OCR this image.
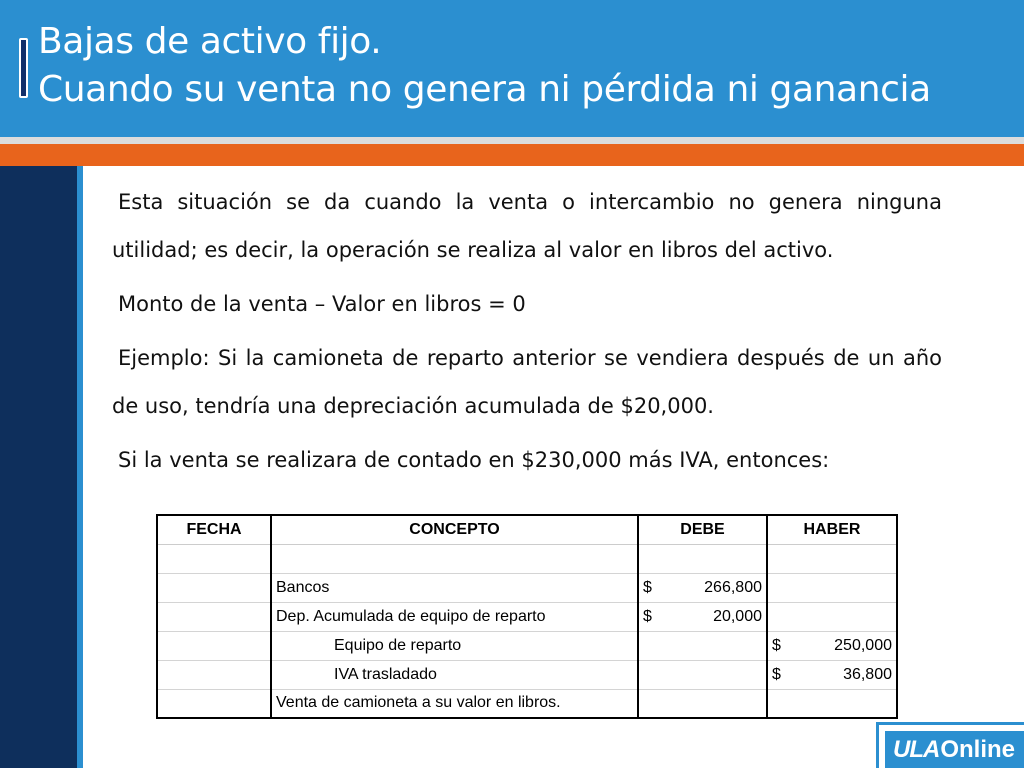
Bajas de activo fijo.
Cuando su venta no genera ni pérdida ni ganancia

Esta situación se da cuando la venta o intercambio no genera ninguna utilidad; es decir, la operación se realiza al valor en libros del activo.

Monto de la venta – Valor en libros = 0

Ejemplo: Si la camioneta de reparto anterior se vendiera después de un año de uso, tendría una depreciación acumulada de $20,000.

Si la venta se realizara de contado en $230,000 más IVA, entonces:

FECHA	CONCEPTO	DEBE	HABER

	Bancos	$ 266,800	

	Dep. Acumulada de equipo de reparto	$ 20,000	

	Equipo de reparto		$ 250,000

	IVA trasladado		$ 36,800

	Venta de camioneta a su valor en libros.	

ULA Online
